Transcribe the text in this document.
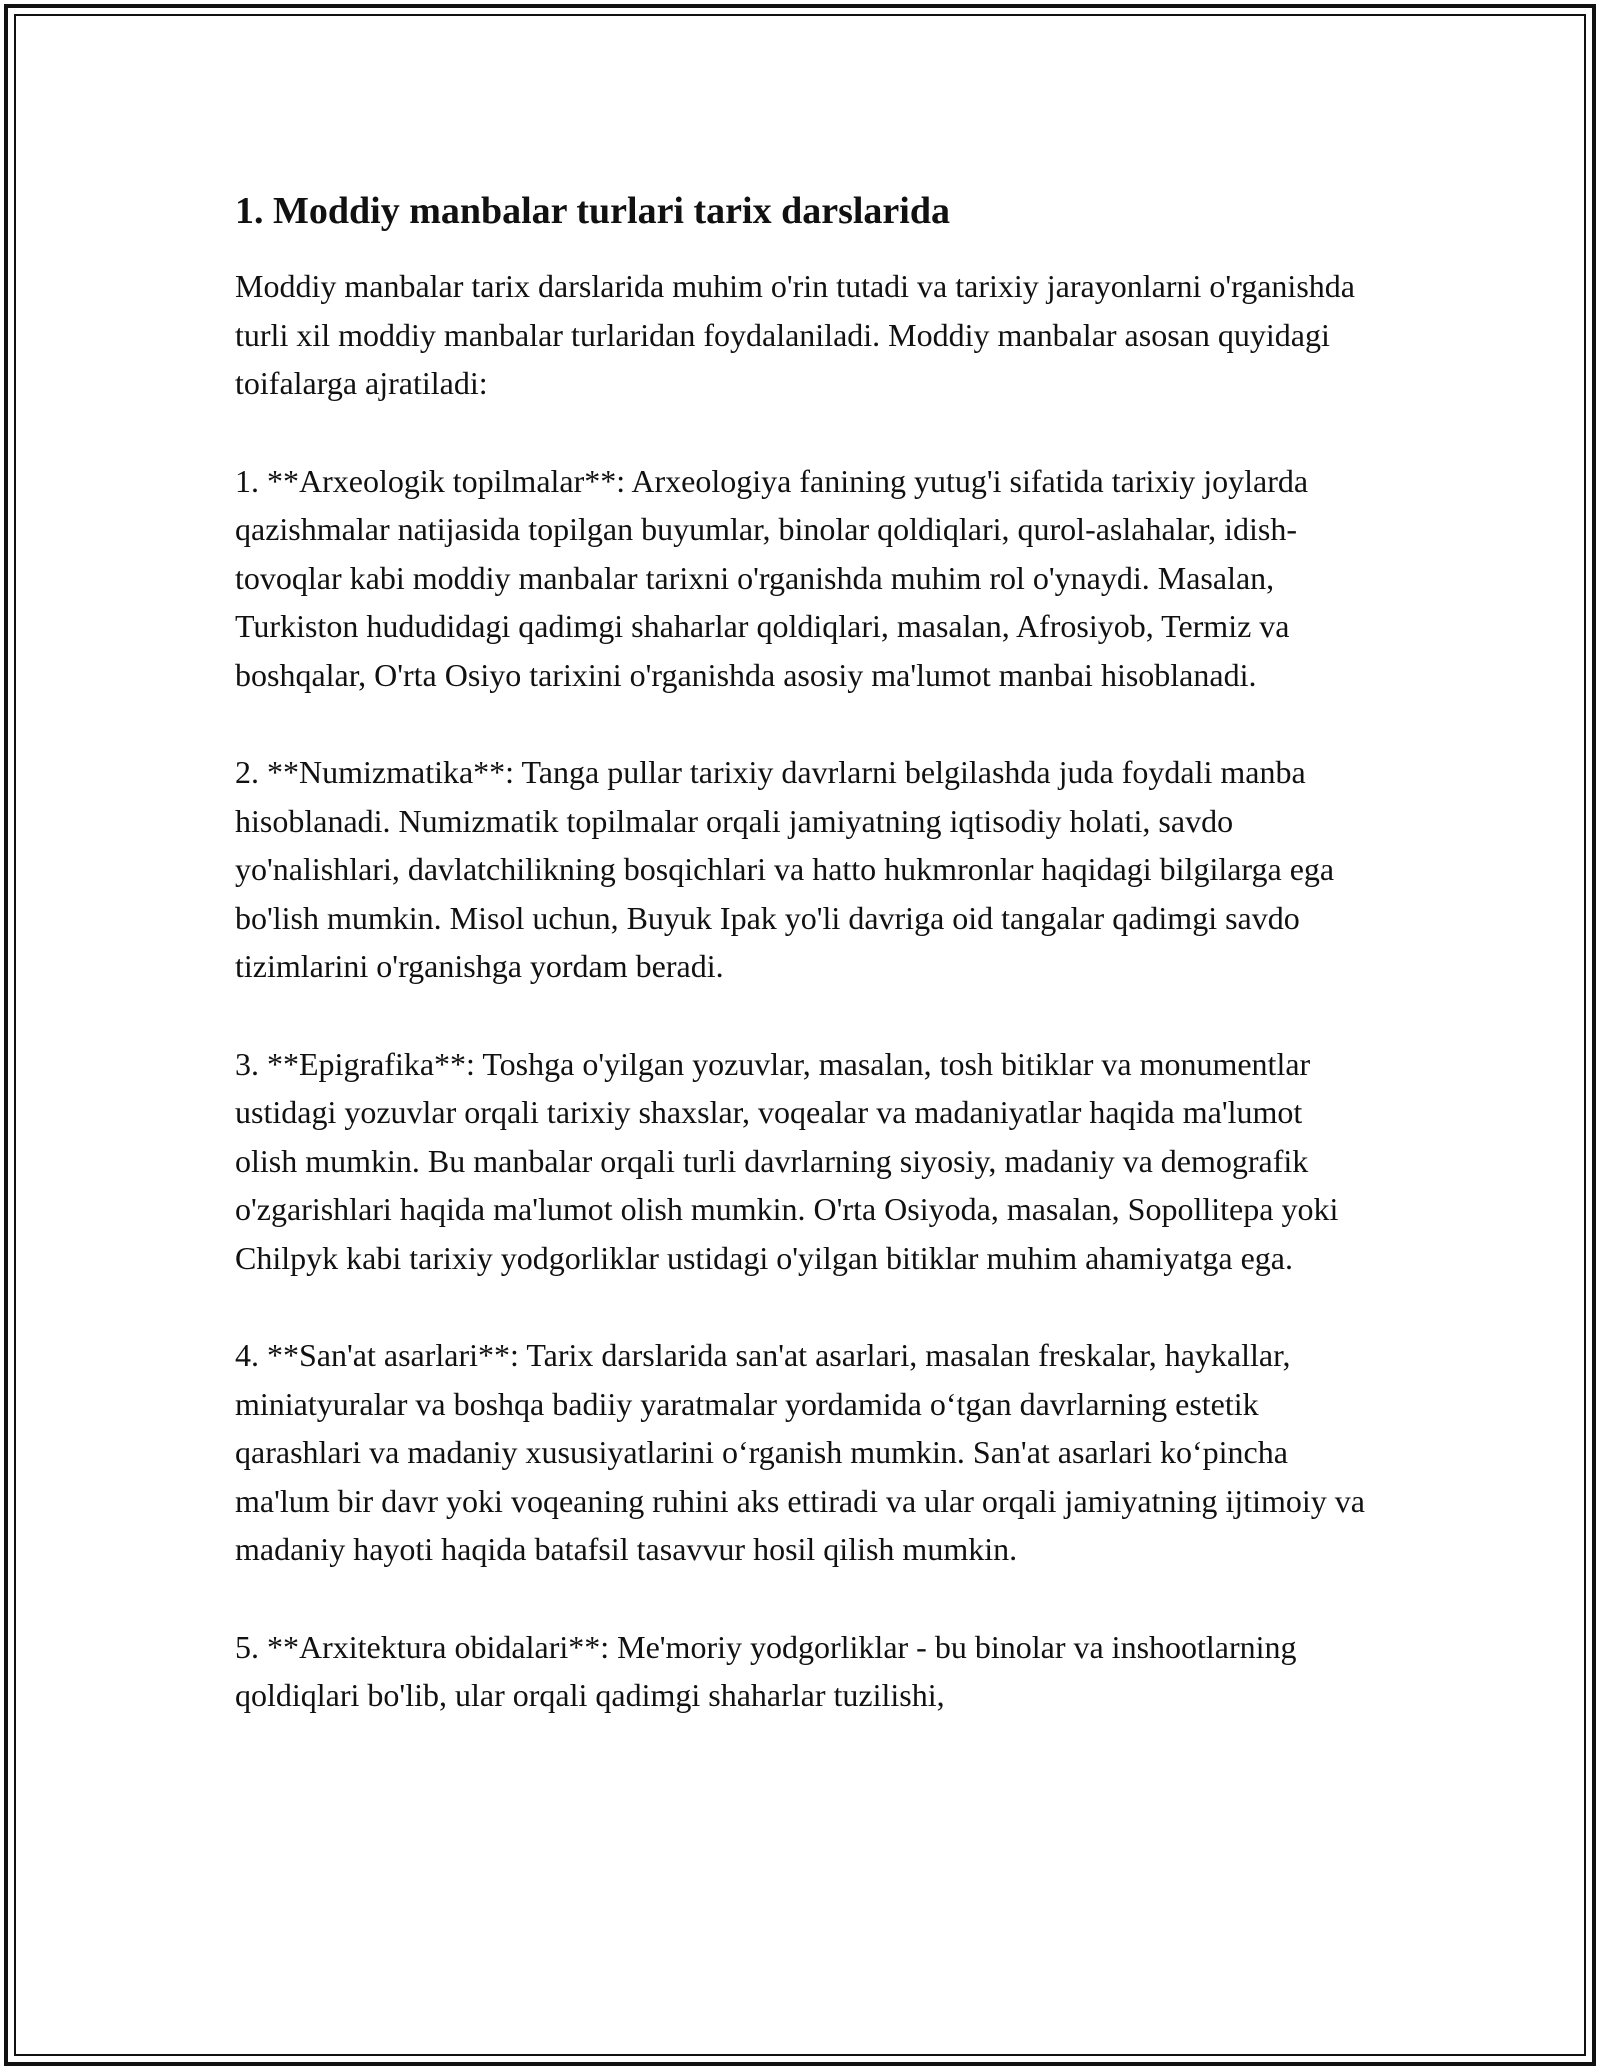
1. Moddiy manbalar turlari tarix darslarida

Moddiy manbalar tarix darslarida muhim o'rin tutadi va tarixiy jarayonlarni o'rganishda turli xil moddiy manbalar turlaridan foydalaniladi. Moddiy manbalar asosan quyidagi toifalarga ajratiladi:

1. **Arxeologik topilmalar**: Arxeologiya fanining yutug'i sifatida tarixiy joylarda qazishmalar natijasida topilgan buyumlar, binolar qoldiqlari, qurol-aslahalar, idish-tovoqlar kabi moddiy manbalar tarixni o'rganishda muhim rol o'ynaydi. Masalan, Turkiston hududidagi qadimgi shaharlar qoldiqlari, masalan, Afrosiyob, Termiz va boshqalar, O'rta Osiyo tarixini o'rganishda asosiy ma'lumot manbai hisoblanadi.

2. **Numizmatika**: Tanga pullar tarixiy davrlarni belgilashda juda foydali manba hisoblanadi. Numizmatik topilmalar orqali jamiyatning iqtisodiy holati, savdo yo'nalishlari, davlatchilikning bosqichlari va hatto hukmronlar haqidagi bilgilarga ega bo'lish mumkin. Misol uchun, Buyuk Ipak yo'li davriga oid tangalar qadimgi savdo tizimlarini o'rganishga yordam beradi.

3. **Epigrafika**: Toshga o'yilgan yozuvlar, masalan, tosh bitiklar va monumentlar ustidagi yozuvlar orqali tarixiy shaxslar, voqealar va madaniyatlar haqida ma'lumot olish mumkin. Bu manbalar orqali turli davrlarning siyosiy, madaniy va demografik o'zgarishlari haqida ma'lumot olish mumkin. O'rta Osiyoda, masalan, Sopollitepa yoki Chilpyk kabi tarixiy yodgorliklar ustidagi o'yilgan bitiklar muhim ahamiyatga ega.

4. **San'at asarlari**: Tarix darslarida san'at asarlari, masalan freskalar, haykallar, miniatyuralar va boshqa badiiy yaratmalar yordamida o‘tgan davrlarning estetik qarashlari va madaniy xususiyatlarini o‘rganish mumkin. San'at asarlari ko‘pincha ma'lum bir davr yoki voqeaning ruhini aks ettiradi va ular orqali jamiyatning ijtimoiy va madaniy hayoti haqida batafsil tasavvur hosil qilish mumkin.

5. **Arxitektura obidalari**: Me'moriy yodgorliklar - bu binolar va inshootlarning qoldiqlari bo'lib, ular orqali qadimgi shaharlar tuzilishi,
